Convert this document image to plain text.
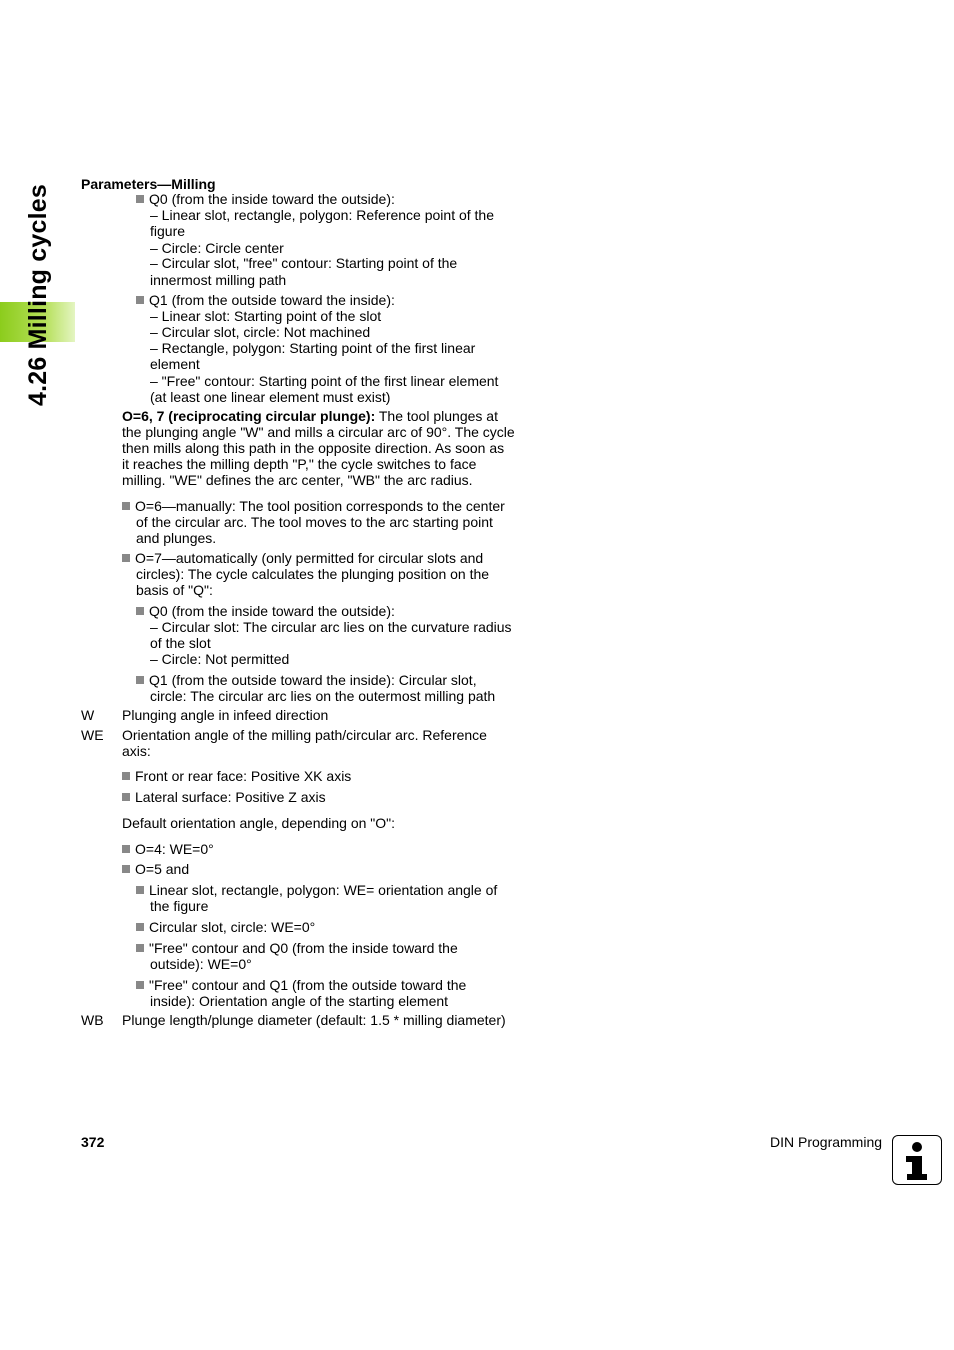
4.26 Milling cycles
Parameters—Milling
Q0 (from the inside toward the outside):
– Linear slot, rectangle, polygon: Reference point of the
figure
– Circle: Circle center
– Circular slot, "free" contour: Starting point of the
innermost milling path
Q1 (from the outside toward the inside):
– Linear slot: Starting point of the slot
– Circular slot, circle: Not machined
– Rectangle, polygon: Starting point of the first linear
element
– "Free" contour: Starting point of the first linear element
(at least one linear element must exist)
the plunging angle "W" and mills a circular arc of 90°. The cycle
then mills along this path in the opposite direction. As soon as
it reaches the milling depth "P," the cycle switches to face
milling. "WE" defines the arc center, "WB" the arc radius.
O=6—manually: The tool position corresponds to the center
of the circular arc. The tool moves to the arc starting point
and plunges.
O=7—automatically (only permitted for circular slots and
circles): The cycle calculates the plunging position on the
basis of "Q":
Q0 (from the inside toward the outside):
– Circular slot: The circular arc lies on the curvature radius
of the slot
– Circle: Not permitted
Q1 (from the outside toward the inside): Circular slot,
circle: The circular arc lies on the outermost milling path
W Plunging angle in infeed direction
WE Orientation angle of the milling path/circular arc. Reference
axis:
Front or rear face: Positive XK axis
Lateral surface: Positive Z axis
Default orientation angle, depending on "O":
O=4: WE=0°
O=5 and
Linear slot, rectangle, polygon: WE= orientation angle of
the figure
Circular slot, circle: WE=0°
"Free" contour and Q0 (from the inside toward the
outside): WE=0°
"Free" contour and Q1 (from the outside toward the
inside): Orientation angle of the starting element
WB Plunge length/plunge diameter (default: 1.5 * milling diameter)
O=6, 7 (reciprocating circular plunge): The tool plunges at
372	DIN Programming
